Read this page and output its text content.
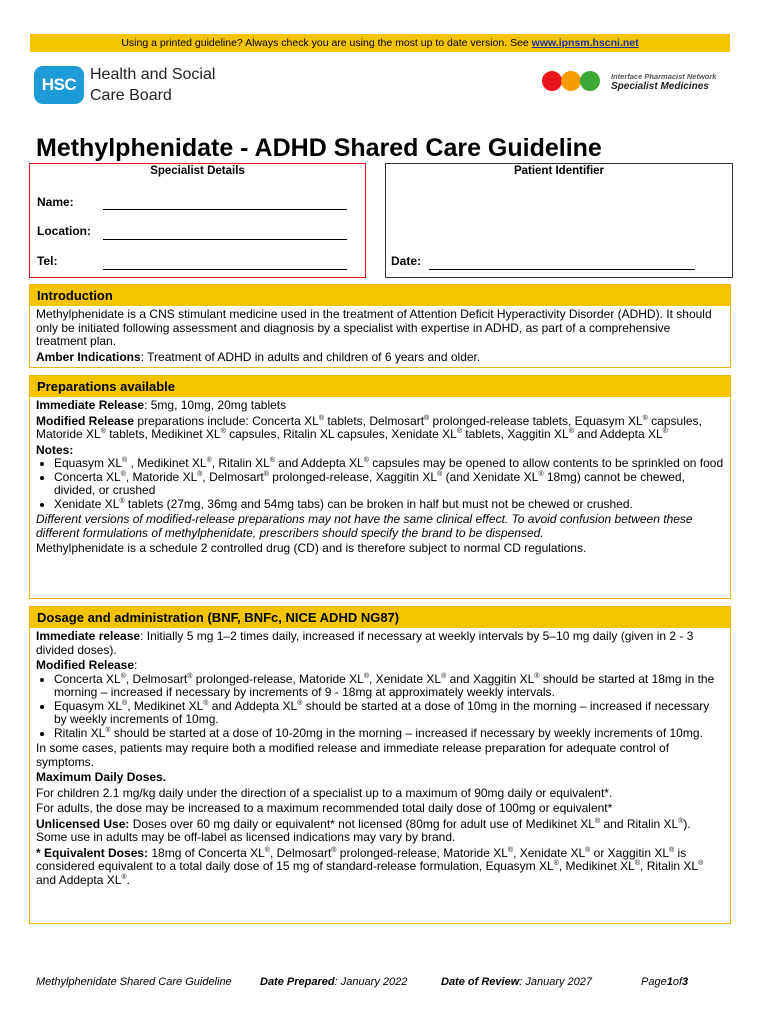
Using a printed guideline? Always check you are using the most up to date version. See www.ipnsm.hscni.net
HSC
Health and Social
Care Board
Interface Pharmacist Network
Specialist Medicines
Methylphenidate - ADHD Shared Care Guideline
Specialist Details
Name:
Location:
Tel:
Patient Identifier
Date:
Introduction

Methylphenidate is a CNS stimulant medicine used in the treatment of Attention Deficit Hyperactivity Disorder (ADHD). It should only be initiated following assessment and diagnosis by a specialist with expertise in ADHD, as part of a comprehensive treatment plan.

Amber Indications: Treatment of ADHD in adults and children of 6 years and older.

Preparations available

Immediate Release: 5mg, 10mg, 20mg tablets

Modified Release preparations include: Concerta XL® tablets, Delmosart® prolonged-release tablets, Equasym XL® capsules, Matoride XL® tablets, Medikinet XL® capsules, Ritalin XL capsules, Xenidate XL® tablets, Xaggitin XL® and Addepta XL®

Notes:

• Equasym XL® , Medikinet XL®, Ritalin XL® and Addepta XL® capsules may be opened to allow contents to be sprinkled on food
• Concerta XL®, Matoride XL®, Delmosart® prolonged-release, Xaggitin XL® (and Xenidate XL® 18mg) cannot be chewed, divided, or crushed
• Xenidate XL® tablets (27mg, 36mg and 54mg tabs) can be broken in half but must not be chewed or crushed.

Different versions of modified-release preparations may not have the same clinical effect. To avoid confusion between these different formulations of methylphenidate, prescribers should specify the brand to be dispensed.

Methylphenidate is a schedule 2 controlled drug (CD) and is therefore subject to normal CD regulations.

Dosage and administration (BNF, BNFc, NICE ADHD NG87)

Immediate release: Initially 5 mg 1–2 times daily, increased if necessary at weekly intervals by 5–10 mg daily (given in 2 - 3 divided doses).

Modified Release:

• Concerta XL®, Delmosart® prolonged-release, Matoride XL®, Xenidate XL® and Xaggitin XL® should be started at 18mg in the morning – increased if necessary by increments of 9 - 18mg at approximately weekly intervals.
• Equasym XL®, Medikinet XL® and Addepta XL® should be started at a dose of 10mg in the morning – increased if necessary by weekly increments of 10mg.
• Ritalin XL® should be started at a dose of 10-20mg in the morning – increased if necessary by weekly increments of 10mg.

In some cases, patients may require both a modified release and immediate release preparation for adequate control of symptoms.

Maximum Daily Doses.

For children 2.1 mg/kg daily under the direction of a specialist up to a maximum of 90mg daily or equivalent*.

For adults, the dose may be increased to a maximum recommended total daily dose of 100mg or equivalent*

Unlicensed Use: Doses over 60 mg daily or equivalent* not licensed (80mg for adult use of Medikinet XL® and Ritalin XL®). Some use in adults may be off-label as licensed indications may vary by brand.

* Equivalent Doses: 18mg of Concerta XL®, Delmosart® prolonged-release, Matoride XL®, Xenidate XL® or Xaggitin XL® is considered equivalent to a total daily dose of 15 mg of standard-release formulation, Equasym XL®, Medikinet XL®, Ritalin XL® and Addepta XL®.

Methylphenidate Shared Care Guideline	Date Prepared: January 2022	Date of Review: January 2027	Page1of3
